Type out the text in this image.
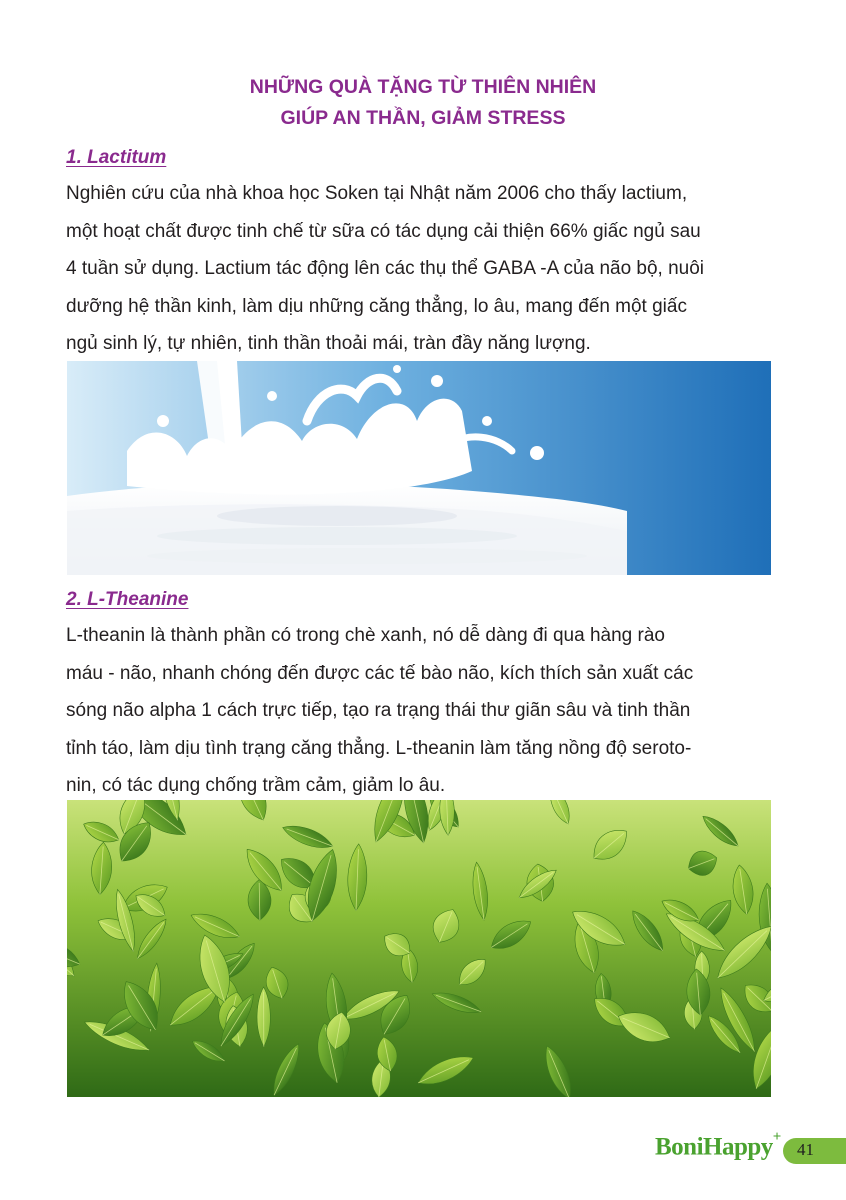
NHỮNG QUÀ TẶNG TỪ THIÊN NHIÊN
GIÚP AN THẦN, GIẢM STRESS
1. Lactitum
Nghiên cứu của nhà khoa học Soken tại Nhật năm 2006 cho thấy lactium,
một hoạt chất được tinh chế từ sữa có tác dụng cải thiện 66% giấc ngủ sau
4 tuần sử dụng. Lactium tác động lên các thụ thể GABA -A của não bộ, nuôi
dưỡng hệ thần kinh, làm dịu những căng thẳng, lo âu, mang đến một giấc
ngủ sinh lý, tự nhiên, tinh thần thoải mái, tràn đầy năng lượng.
2. L-Theanine
L-theanin là thành phần có trong chè xanh, nó dễ dàng đi qua hàng rào
máu - não, nhanh chóng đến được các tế bào não, kích thích sản xuất các
sóng não alpha 1 cách trực tiếp, tạo ra trạng thái thư giãn sâu và tinh thần
tỉnh táo, làm dịu tình trạng căng thẳng. L-theanin làm tăng nồng độ seroto-
nin, có tác dụng chống trầm cảm, giảm lo âu.
BoniHappy+
41
